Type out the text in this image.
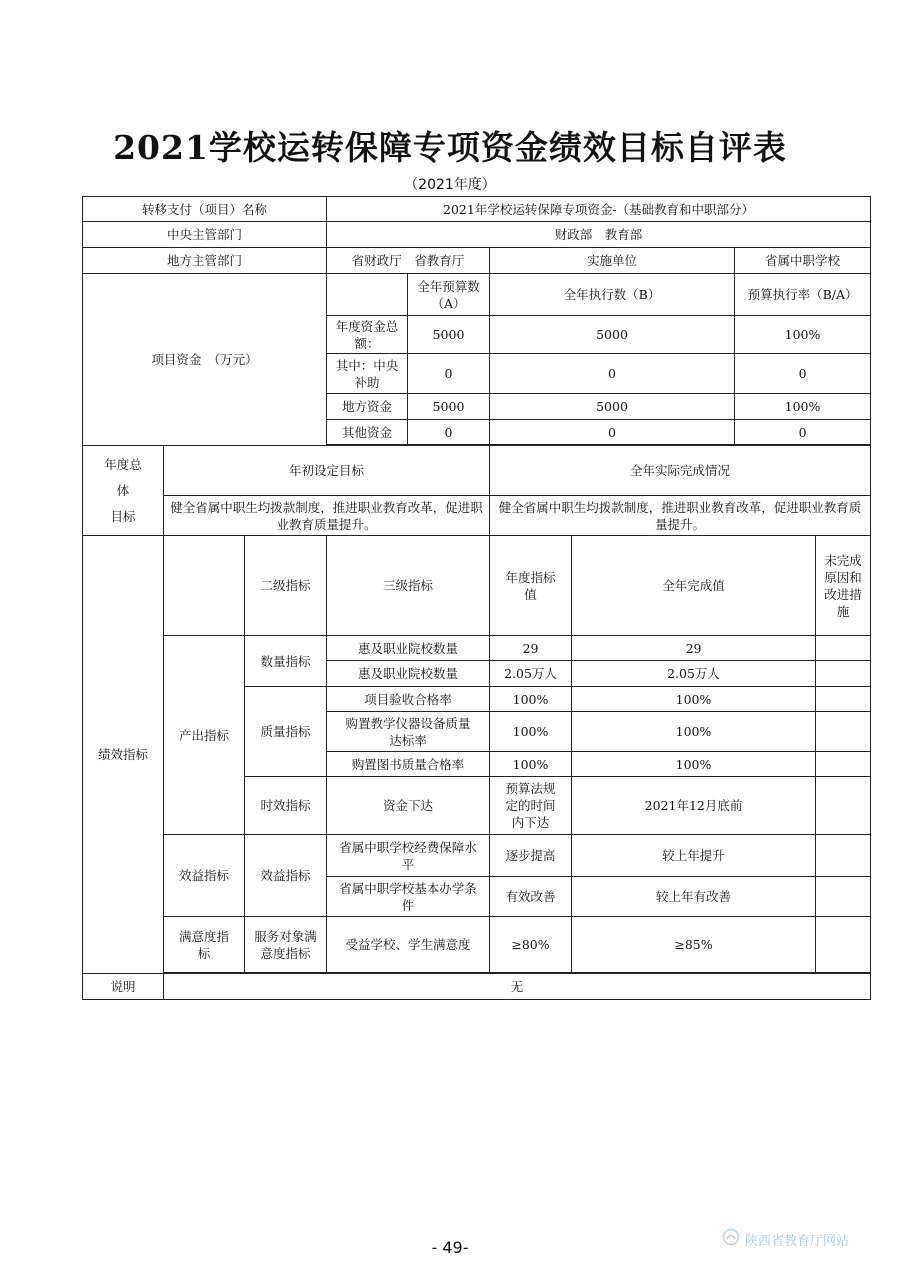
2021学校运转保障专项资金绩效目标自评表
（2021年度）
转移支付（项目）名称			2021年学校运转保障专项资金-（基础教育和中职部分）					
中央主管部门			财政部　教育部					
地方主管部门			省财政厅　省教育厅		实施单位		省属中职学校	
项目资金　（万元）				全年预算数（A）	全年执行数（B）		预算执行率（B/A）	
			年度资金总额：	5000	5000		100%	
			其中：中央补助	0	0		0	
			地方资金	5000	5000		100%	
			其他资金	0	0		0	

年度总体
目标	年初设定目标				全年实际完成情况			
	健全省属中职生均拨款制度，推进职业教育改革，促进职业教育质量提升。				健全省属中职生均拨款制度，推进职业教育改革，促进职业教育质量提升。			
绩效指标		二级指标	三级指标		年度指标值	全年完成值		未完成原因和改进措施
	产出指标	数量指标	惠及职业院校数量		29	29		
			惠及职业院校数量		2.05万人	2.05万人		
		质量指标	项目验收合格率		100%	100%		
			购置教学仪器设备质量达标率		100%	100%		
			购置图书质量合格率		100%	100%		
		时效指标	资金下达		预算法规定的时间内下达	2021年12月底前		
	效益指标	效益指标	省属中职学校经费保障水平		逐步提高	较上年提升		
			省属中职学校基本办学条件		有效改善	较上年有改善		
	满意度指标	服务对象满意度指标	受益学校、学生满意度		≥80%	≥85%		

说明	无							
- 49-	陕西省教育厅网站
